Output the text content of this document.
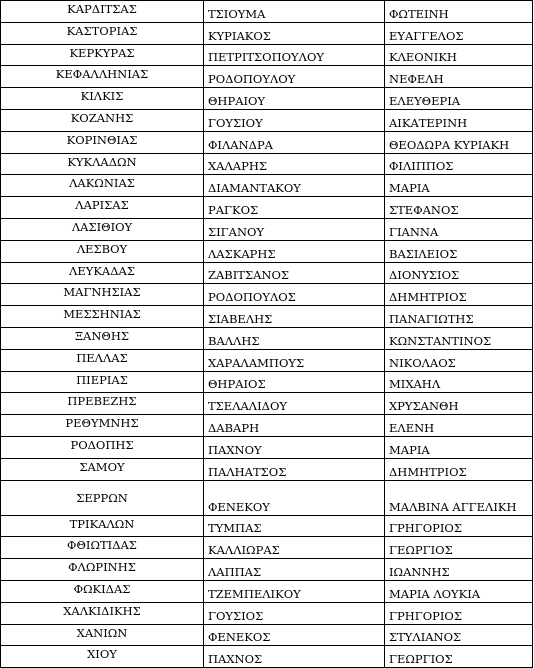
ΚΑΡΔΙΤΣΑΣ	ΤΣΙΟΥΜΑ	ΦΩΤΕΙΝΗ
ΚΑΣΤΟΡΙΑΣ	ΚΥΡΙΑΚΟΣ	ΕΥΑΓΓΕΛΟΣ
ΚΕΡΚΥΡΑΣ	ΠΕΤΡΙΤΣΟΠΟΥΛΟΥ	ΚΛΕΟΝΙΚΗ
ΚΕΦΑΛΛΗΝΙΑΣ	ΡΟΔΟΠΟΥΛΟΥ	ΝΕΦΕΛΗ
ΚΙΛΚΙΣ	ΘΗΡΑΙΟΥ	ΕΛΕΥΘΕΡΙΑ
ΚΟΖΑΝΗΣ	ΓΟΥΣΙΟΥ	ΑΙΚΑΤΕΡΙΝΗ
ΚΟΡΙΝΘΙΑΣ	ΦΙΛΑΝΔΡΑ	ΘΕΟΔΩΡΑ ΚΥΡΙΑΚΗ
ΚΥΚΛΑΔΩΝ	ΧΑΛΑΡΗΣ	ΦΙΛΙΠΠΟΣ
ΛΑΚΩΝΙΑΣ	ΔΙΑΜΑΝΤΑΚΟΥ	ΜΑΡΙΑ
ΛΑΡΙΣΑΣ	ΡΑΓΚΟΣ	ΣΤΕΦΑΝΟΣ
ΛΑΣΙΘΙΟΥ	ΣΙΓΑΝΟΥ	ΓΙΑΝΝΑ
ΛΕΣΒΟΥ	ΛΑΣΚΑΡΗΣ	ΒΑΣΙΛΕΙΟΣ
ΛΕΥΚΑΔΑΣ	ΖΑΒΙΤΣΑΝΟΣ	ΔΙΟΝΥΣΙΟΣ
ΜΑΓΝΗΣΙΑΣ	ΡΟΔΟΠΟΥΛΟΣ	ΔΗΜΗΤΡΙΟΣ
ΜΕΣΣΗΝΙΑΣ	ΣΙΑΒΕΛΗΣ	ΠΑΝΑΓΙΩΤΗΣ
ΞΑΝΘΗΣ	ΒΑΛΛΗΣ	ΚΩΝΣΤΑΝΤΙΝΟΣ
ΠΕΛΛΑΣ	ΧΑΡΑΛΑΜΠΟΥΣ	ΝΙΚΟΛΑΟΣ
ΠΙΕΡΙΑΣ	ΘΗΡΑΙΟΣ	ΜΙΧΑΗΛ
ΠΡΕΒΕΖΗΣ	ΤΣΕΛΑΛΙΔΟΥ	ΧΡΥΣΑΝΘΗ
ΡΕΘΥΜΝΗΣ	ΔΑΒΑΡΗ	ΕΛΕΝΗ
ΡΟΔΟΠΗΣ	ΠΑΧΝΟΥ	ΜΑΡΙΑ
ΣΑΜΟΥ	ΠΑΛΗΑΤΣΟΣ	ΔΗΜΗΤΡΙΟΣ
ΣΕΡΡΩΝ	ΦΕΝΕΚΟΥ	ΜΑΛΒΙΝΑ ΑΓΓΕΛΙΚΗ
ΤΡΙΚΑΛΩΝ	ΤΥΜΠΑΣ	ΓΡΗΓΟΡΙΟΣ
ΦΘΙΩΤΙΔΑΣ	ΚΑΛΛΙΩΡΑΣ	ΓΕΩΡΓΙΟΣ
ΦΛΩΡΙΝΗΣ	ΛΑΠΠΑΣ	ΙΩΑΝΝΗΣ
ΦΩΚΙΔΑΣ	ΤΖΕΜΠΕΛΙΚΟΥ	ΜΑΡΙΑ ΛΟΥΚΙΑ
ΧΑΛΚΙΔΙΚΗΣ	ΓΟΥΣΙΟΣ	ΓΡΗΓΟΡΙΟΣ
ΧΑΝΙΩΝ	ΦΕΝΕΚΟΣ	ΣΤΥΛΙΑΝΟΣ
ΧΙΟΥ	ΠΑΧΝΟΣ	ΓΕΩΡΓΙΟΣ
